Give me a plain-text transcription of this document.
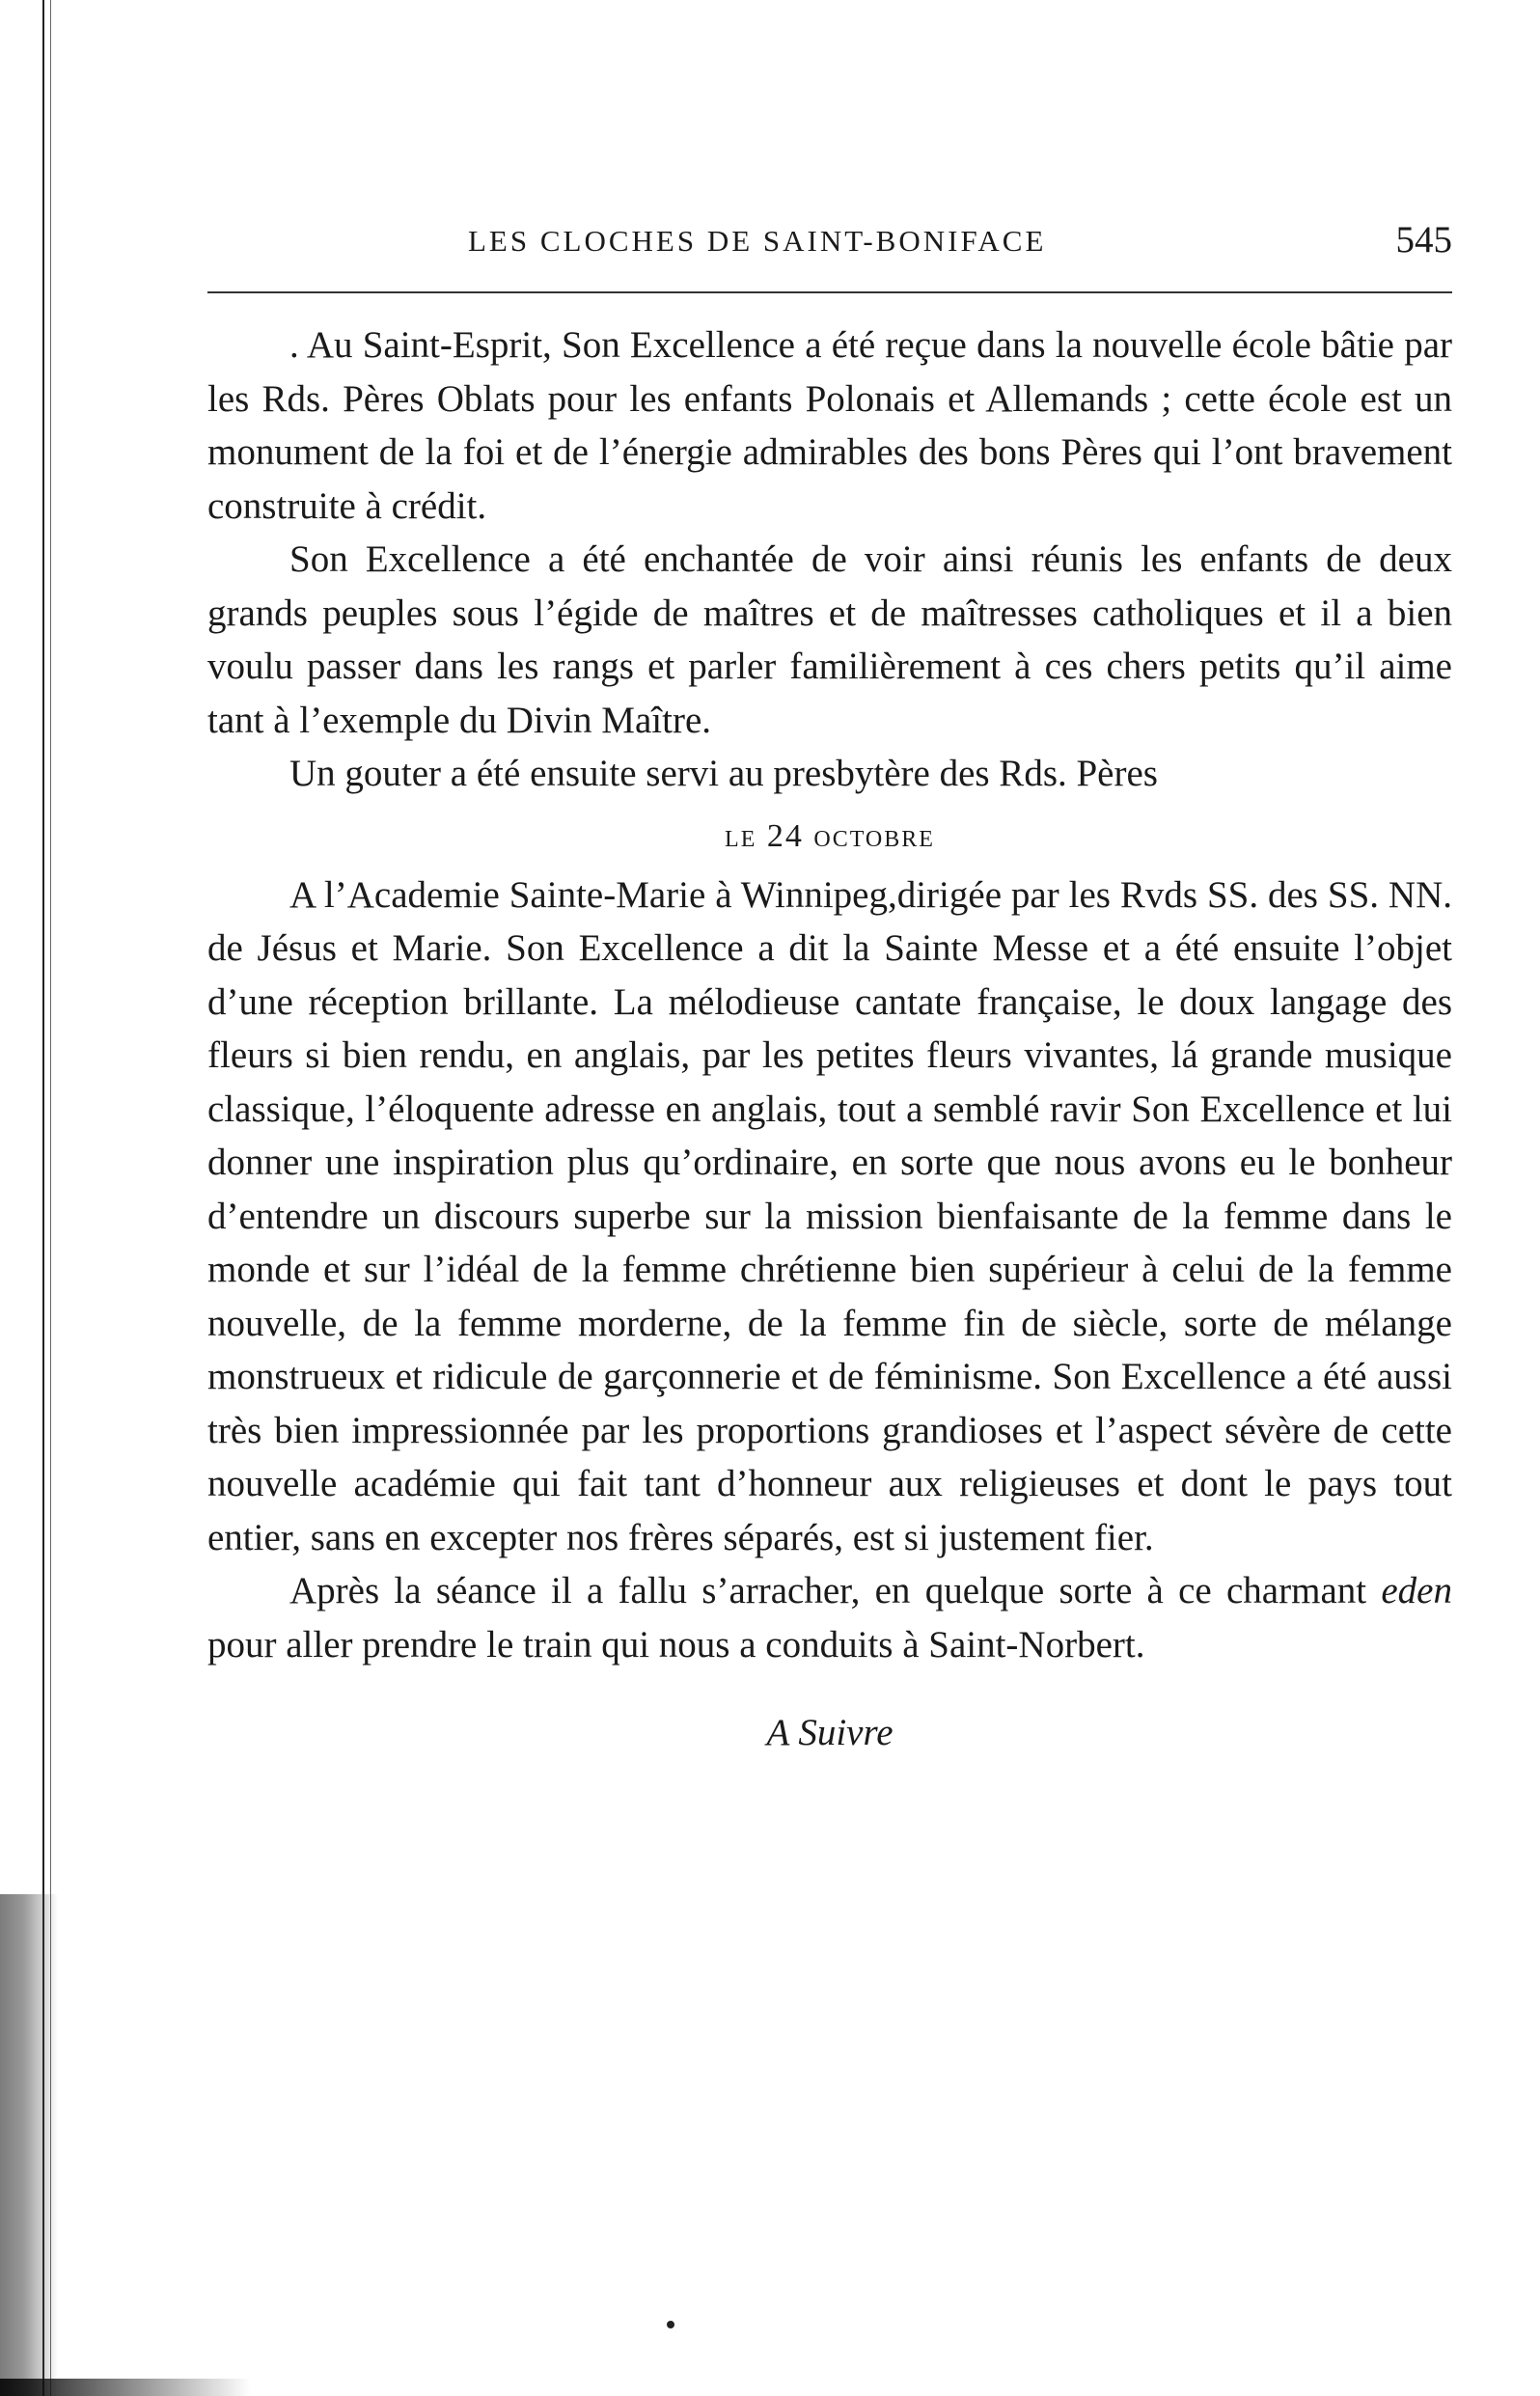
LES CLOCHES DE SAINT-BONIFACE	545

. Au Saint-Esprit, Son Excellence a été reçue dans la nouvelle école bâtie par les Rds. Pères Oblats pour les enfants Polonais et Allemands ; cette école est un monument de la foi et de l’énergie admirables des bons Pères qui l’ont bravement construite à crédit.

Son Excellence a été enchantée de voir ainsi réunis les enfants de deux grands peuples sous l’égide de maîtres et de maîtresses catholiques et il a bien voulu passer dans les rangs et parler familièrement à ces chers petits qu’il aime tant à l’exemple du Divin Maître.

Un gouter a été ensuite servi au presbytère des Rds. Pères

le 24 octobre

A l’Academie Sainte-Marie à Winnipeg,dirigée par les Rvds SS. des SS. NN. de Jésus et Marie. Son Excellence a dit la Sainte Messe et a été ensuite l’objet d’une réception brillante. La mélodieuse cantate française, le doux langage des fleurs si bien rendu, en anglais, par les petites fleurs vivantes, lá grande musique classique, l’éloquente adresse en anglais, tout a semblé ravir Son Excellence et lui donner une inspiration plus qu’ordinaire, en sorte que nous avons eu le bonheur d’entendre un discours superbe sur la mission bienfaisante de la femme dans le monde et sur l’idéal de la femme chrétienne bien supérieur à celui de la femme nouvelle, de la femme morderne, de la femme fin de siècle, sorte de mélange monstrueux et ridicule de garçonnerie et de féminisme. Son Excellence a été aussi très bien impressionnée par les proportions grandioses et l’aspect sévère de cette nouvelle académie qui fait tant d’honneur aux religieuses et dont le pays tout entier, sans en excepter nos frères séparés, est si justement fier.

Après la séance il a fallu s’arracher, en quelque sorte à ce charmant eden pour aller prendre le train qui nous a conduits à Saint-Norbert.

A Suivre
